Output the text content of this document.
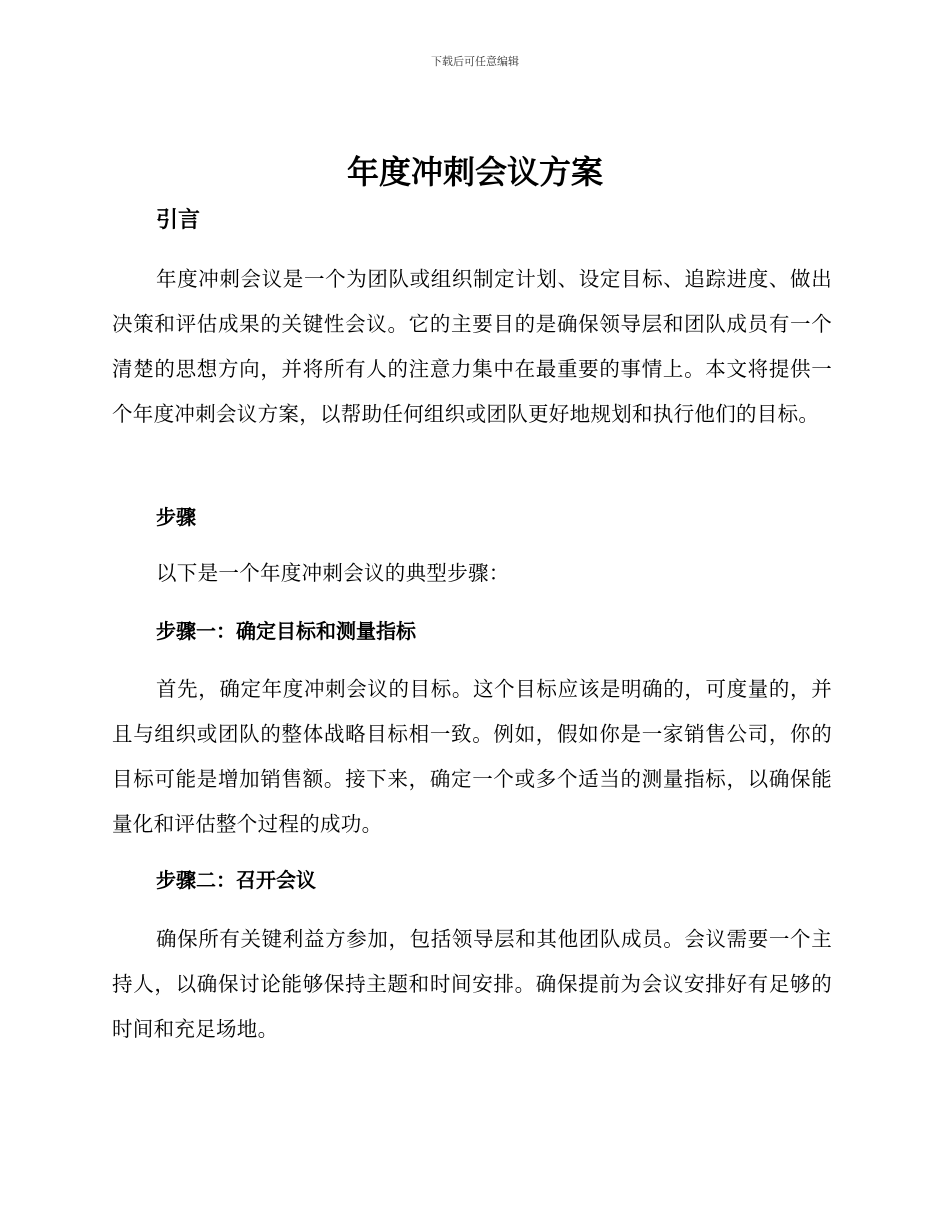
下载后可任意编辑
年度冲刺会议方案
引言

年度冲刺会议是一个为团队或组织制定计划、设定目标、追踪进度、做出决策和评估成果的关键性会议。它的主要目的是确保领导层和团队成员有一个清楚的思想方向，并将所有人的注意力集中在最重要的事情上。本文将提供一个年度冲刺会议方案，以帮助任何组织或团队更好地规划和执行他们的目标。

步骤

以下是一个年度冲刺会议的典型步骤：

步骤一：确定目标和测量指标

首先，确定年度冲刺会议的目标。这个目标应该是明确的，可度量的，并且与组织或团队的整体战略目标相一致。例如，假如你是一家销售公司，你的目标可能是增加销售额。接下来，确定一个或多个适当的测量指标，以确保能量化和评估整个过程的成功。

步骤二：召开会议

确保所有关键利益方参加，包括领导层和其他团队成员。会议需要一个主持人，以确保讨论能够保持主题和时间安排。确保提前为会议安排好有足够的时间和充足场地。
